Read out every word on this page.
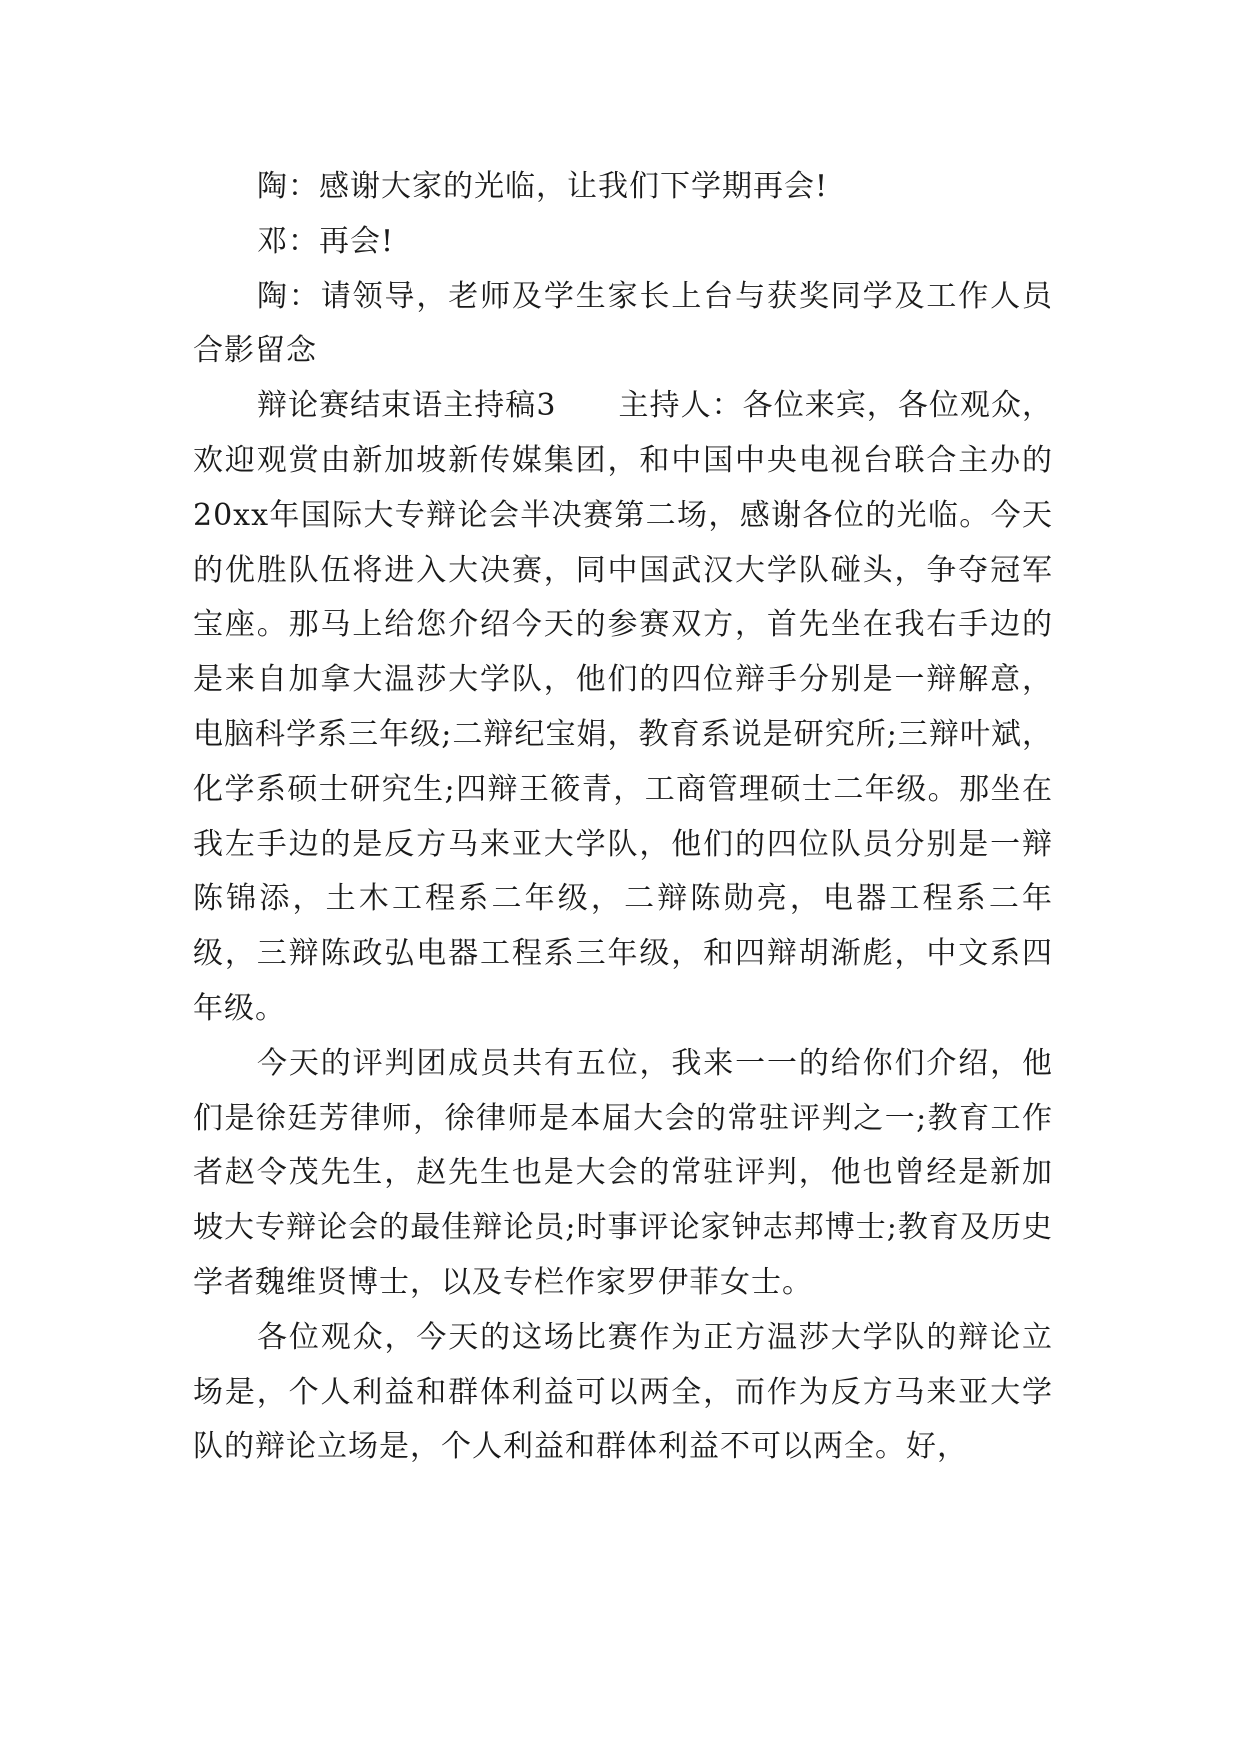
陶：感谢大家的光临，让我们下学期再会!

邓：再会!

陶：请领导，老师及学生家长上台与获奖同学及工作人员合影留念

辩论赛结束语主持稿3　　主持人：各位来宾，各位观众，欢迎观赏由新加坡新传媒集团，和中国中央电视台联合主办的20xx年国际大专辩论会半决赛第二场，感谢各位的光临。今天的优胜队伍将进入大决赛，同中国武汉大学队碰头，争夺冠军宝座。那马上给您介绍今天的参赛双方，首先坐在我右手边的是来自加拿大温莎大学队，他们的四位辩手分别是一辩解意，电脑科学系三年级;二辩纪宝娟，教育系说是研究所;三辩叶斌，化学系硕士研究生;四辩王筱青，工商管理硕士二年级。那坐在我左手边的是反方马来亚大学队，他们的四位队员分别是一辩陈锦添，土木工程系二年级，二辩陈勋亮，电器工程系二年级，三辩陈政弘电器工程系三年级，和四辩胡渐彪，中文系四年级。

今天的评判团成员共有五位，我来一一的给你们介绍，他们是徐廷芳律师，徐律师是本届大会的常驻评判之一;教育工作者赵令茂先生，赵先生也是大会的常驻评判，他也曾经是新加坡大专辩论会的最佳辩论员;时事评论家钟志邦博士;教育及历史学者魏维贤博士，以及专栏作家罗伊菲女士。

各位观众，今天的这场比赛作为正方温莎大学队的辩论立场是，个人利益和群体利益可以两全，而作为反方马来亚大学队的辩论立场是，个人利益和群体利益不可以两全。好，
